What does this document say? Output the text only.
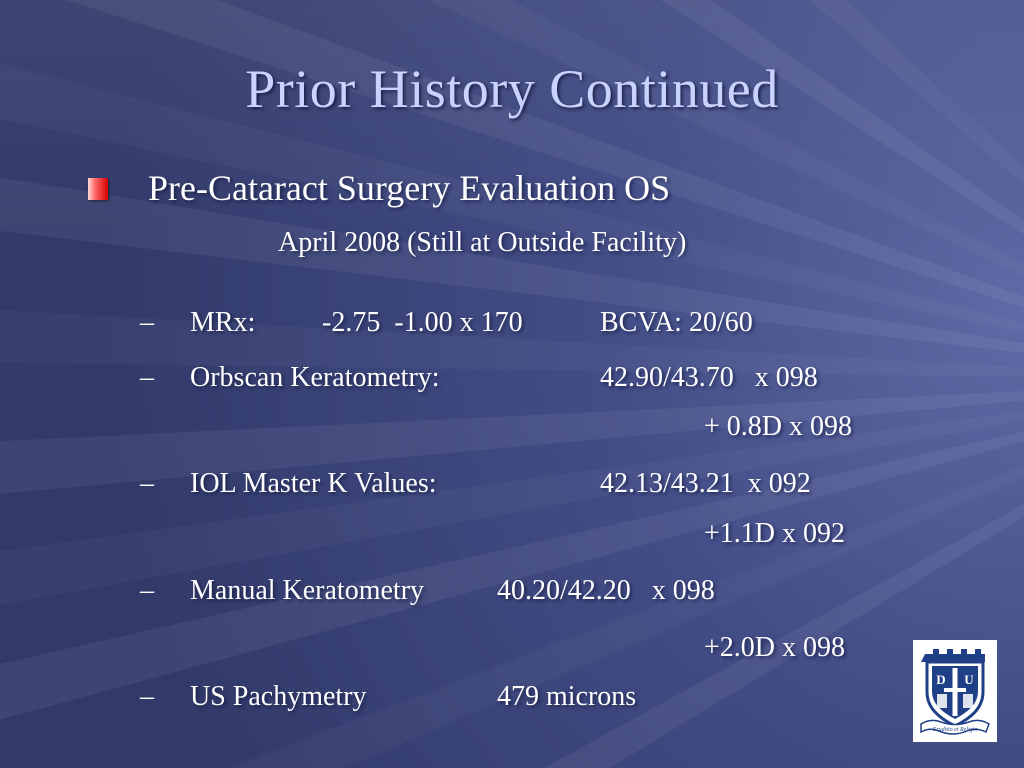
Prior History Continued
Pre-Cataract Surgery Evaluation OS
April 2008 (Still at Outside Facility)
– MRx: -2.75  -1.00 x 170	BCVA: 20/60
– Orbscan Keratometry:	42.90/43.70   x 098
+ 0.8D x 098
– IOL Master K Values:	42.13/43.21  x 092
+1.1D x 092
– Manual Keratometry	40.20/42.20   x 098
+2.0D x 098
– US Pachymetry	479 microns
D U
Eruditio et Religio
